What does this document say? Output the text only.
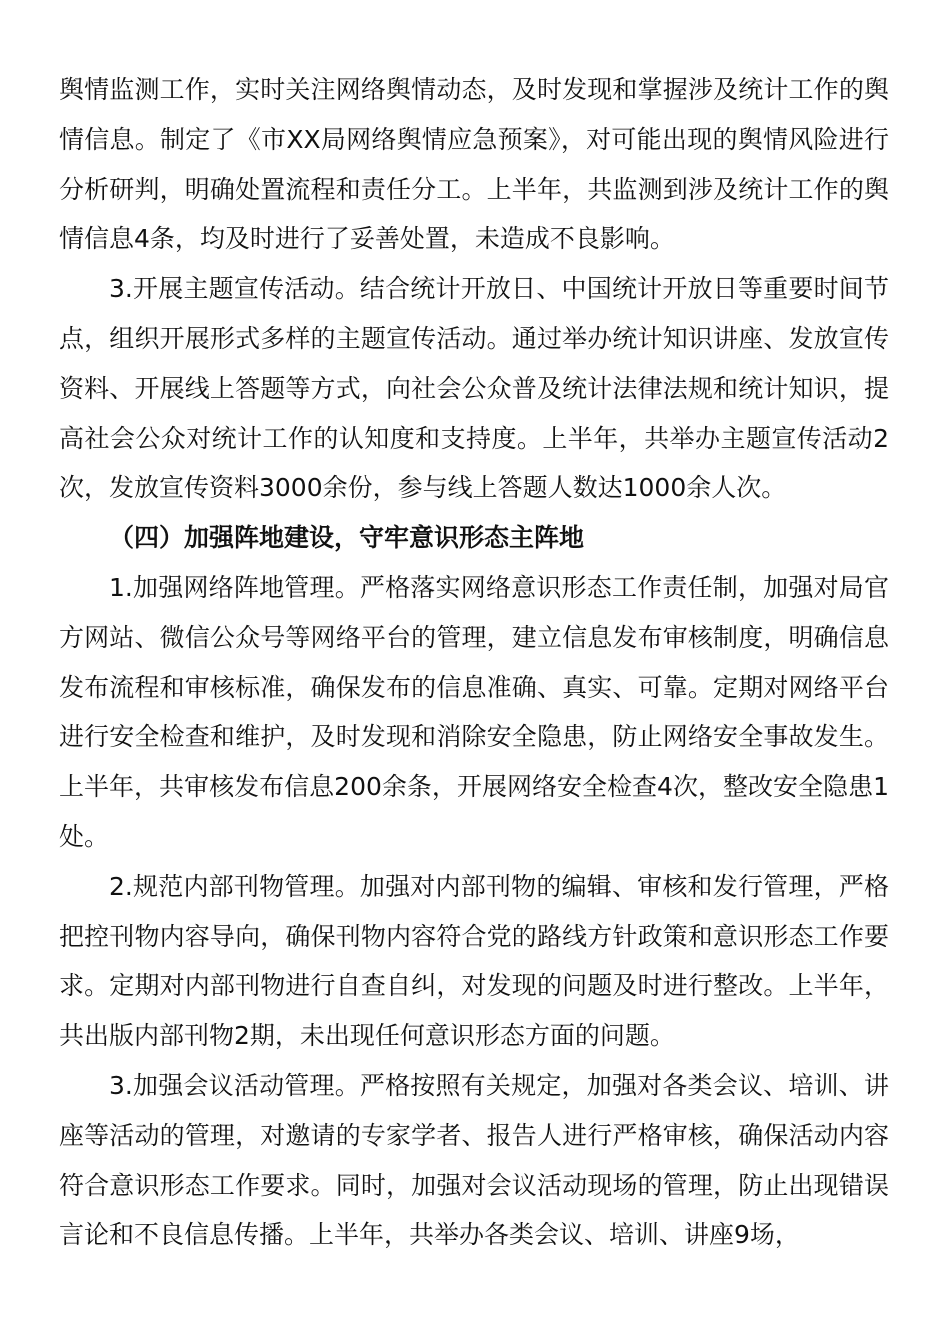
舆情监测工作，实时关注网络舆情动态，及时发现和掌握涉及统计工作的舆情信息。制定了《市XX局网络舆情应急预案》，对可能出现的舆情风险进行分析研判，明确处置流程和责任分工。上半年，共监测到涉及统计工作的舆情信息4条，均及时进行了妥善处置，未造成不良影响。

3.开展主题宣传活动。结合统计开放日、中国统计开放日等重要时间节点，组织开展形式多样的主题宣传活动。通过举办统计知识讲座、发放宣传资料、开展线上答题等方式，向社会公众普及统计法律法规和统计知识，提高社会公众对统计工作的认知度和支持度。上半年，共举办主题宣传活动2次，发放宣传资料3000余份，参与线上答题人数达1000余人次。

（四）加强阵地建设，守牢意识形态主阵地

1.加强网络阵地管理。严格落实网络意识形态工作责任制，加强对局官方网站、微信公众号等网络平台的管理，建立信息发布审核制度，明确信息发布流程和审核标准，确保发布的信息准确、真实、可靠。定期对网络平台进行安全检查和维护，及时发现和消除安全隐患，防止网络安全事故发生。上半年，共审核发布信息200余条，开展网络安全检查4次，整改安全隐患1处。

2.规范内部刊物管理。加强对内部刊物的编辑、审核和发行管理，严格把控刊物内容导向，确保刊物内容符合党的路线方针政策和意识形态工作要求。定期对内部刊物进行自查自纠，对发现的问题及时进行整改。上半年，共出版内部刊物2期，未出现任何意识形态方面的问题。

3.加强会议活动管理。严格按照有关规定，加强对各类会议、培训、讲座等活动的管理，对邀请的专家学者、报告人进行严格审核，确保活动内容符合意识形态工作要求。同时，加强对会议活动现场的管理，防止出现错误言论和不良信息传播。上半年，共举办各类会议、培训、讲座9场，
